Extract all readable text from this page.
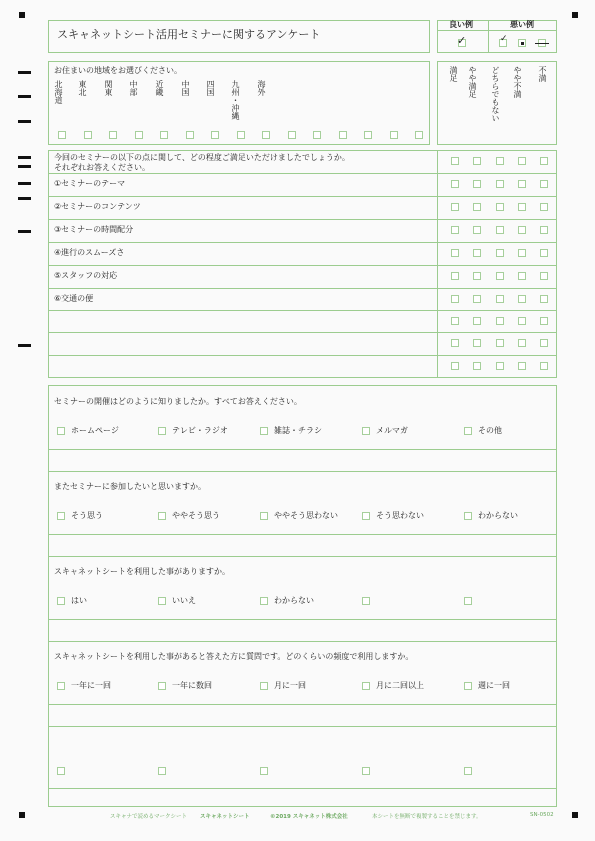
スキャネットシート活用セミナーに関するアンケート
良い例	悪い例
✓	✓
お住まいの地域をお選びください。
北海道 東北 関東 中部 近畿 中国 四国 九州・沖縄 海外
満足 やや満足 どちらでもない やや不満 不満
今回のセミナーの以下の点に関して、どの程度ご満足いただけましたでしょうか。
それぞれお答えください。
①セミナーのテーマ
②セミナーのコンテンツ
③セミナーの時間配分
④進行のスムーズさ
⑤スタッフの対応
⑥交通の便
セミナーの開催はどのように知りましたか。すべてお答えください。
ホームページ	テレビ・ラジオ	雑誌・チラシ	メルマガ	その他
またセミナーに参加したいと思いますか。
そう思う	ややそう思う	ややそう思わない	そう思わない	わからない
スキャネットシートを利用した事がありますか。
はい	いいえ	わからない
スキャネットシートを利用した事があると答えた方に質問です。どのくらいの頻度で利用しますか。
一年に一回	一年に数回	月に一回	月に二回以上	週に一回
スキャナで読めるマークシート スキャネットシート	©2019 スキャネット株式会社	本シートを無断で複製することを禁じます。	SN-0502
